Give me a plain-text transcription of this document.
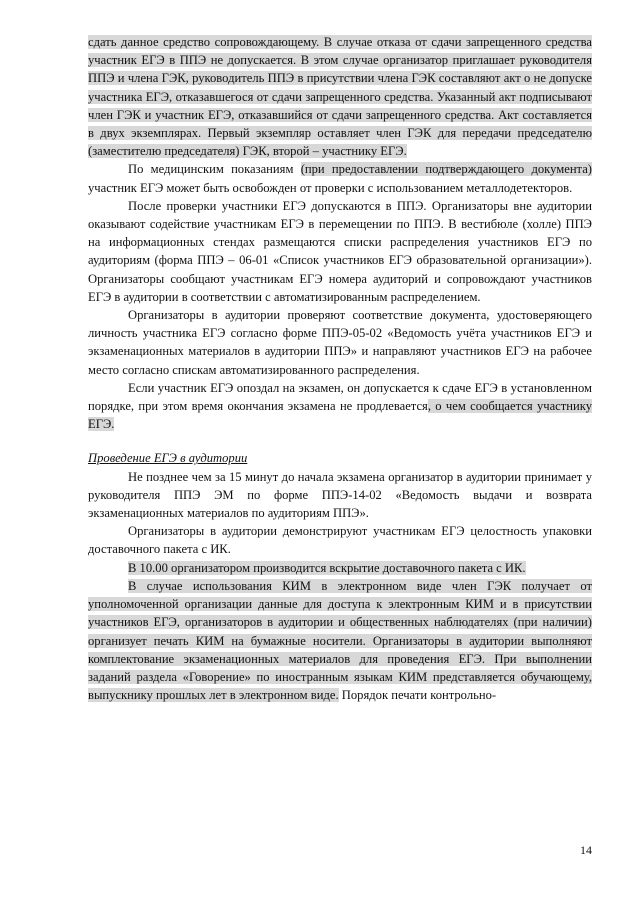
сдать данное средство сопровождающему. В случае отказа от сдачи запрещенного средства участник ЕГЭ в ППЭ не допускается. В этом случае организатор приглашает руководителя ППЭ и члена ГЭК, руководитель ППЭ в присутствии члена ГЭК составляют акт о не допуске участника ЕГЭ, отказавшегося от сдачи запрещенного средства. Указанный акт подписывают член ГЭК и участник ЕГЭ, отказавшийся от сдачи запрещенного средства. Акт составляется в двух экземплярах. Первый экземпляр оставляет член ГЭК для передачи председателю (заместителю председателя) ГЭК, второй – участнику ЕГЭ.

По медицинским показаниям (при предоставлении подтверждающего документа) участник ЕГЭ может быть освобожден от проверки с использованием металлодетекторов.

После проверки участники ЕГЭ допускаются в ППЭ. Организаторы вне аудитории оказывают содействие участникам ЕГЭ в перемещении по ППЭ. В вестибюле (холле) ППЭ на информационных стендах размещаются списки распределения участников ЕГЭ по аудиториям (форма ППЭ – 06-01 «Список участников ЕГЭ образовательной организации»). Организаторы сообщают участникам ЕГЭ номера аудиторий и сопровождают участников ЕГЭ в аудитории в соответствии с автоматизированным распределением.

Организаторы в аудитории проверяют соответствие документа, удостоверяющего личность участника ЕГЭ согласно форме ППЭ-05-02 «Ведомость учёта участников ЕГЭ и экзаменационных материалов в аудитории ППЭ» и направляют участников ЕГЭ на рабочее место согласно спискам автоматизированного распределения.

Если участник ЕГЭ опоздал на экзамен, он допускается к сдаче ЕГЭ в установленном порядке, при этом время окончания экзамена не продлевается, о чем сообщается участнику ЕГЭ.

Проведение ЕГЭ в аудитории

Не позднее чем за 15 минут до начала экзамена организатор в аудитории принимает у руководителя ППЭ ЭМ по форме ППЭ-14-02 «Ведомость выдачи и возврата экзаменационных материалов по аудиториям ППЭ».

Организаторы в аудитории демонстрируют участникам ЕГЭ целостность упаковки доставочного пакета с ИК.

В 10.00 организатором производится вскрытие доставочного пакета с ИК.

В случае использования КИМ в электронном виде член ГЭК получает от уполномоченной организации данные для доступа к электронным КИМ и в присутствии участников ЕГЭ, организаторов в аудитории и общественных наблюдателях (при наличии) организует печать КИМ на бумажные носители. Организаторы в аудитории выполняют комплектование экзаменационных материалов для проведения ЕГЭ. При выполнении заданий раздела «Говорение» по иностранным языкам КИМ представляется обучающему, выпускнику прошлых лет в электронном виде. Порядок печати контрольно-

14
